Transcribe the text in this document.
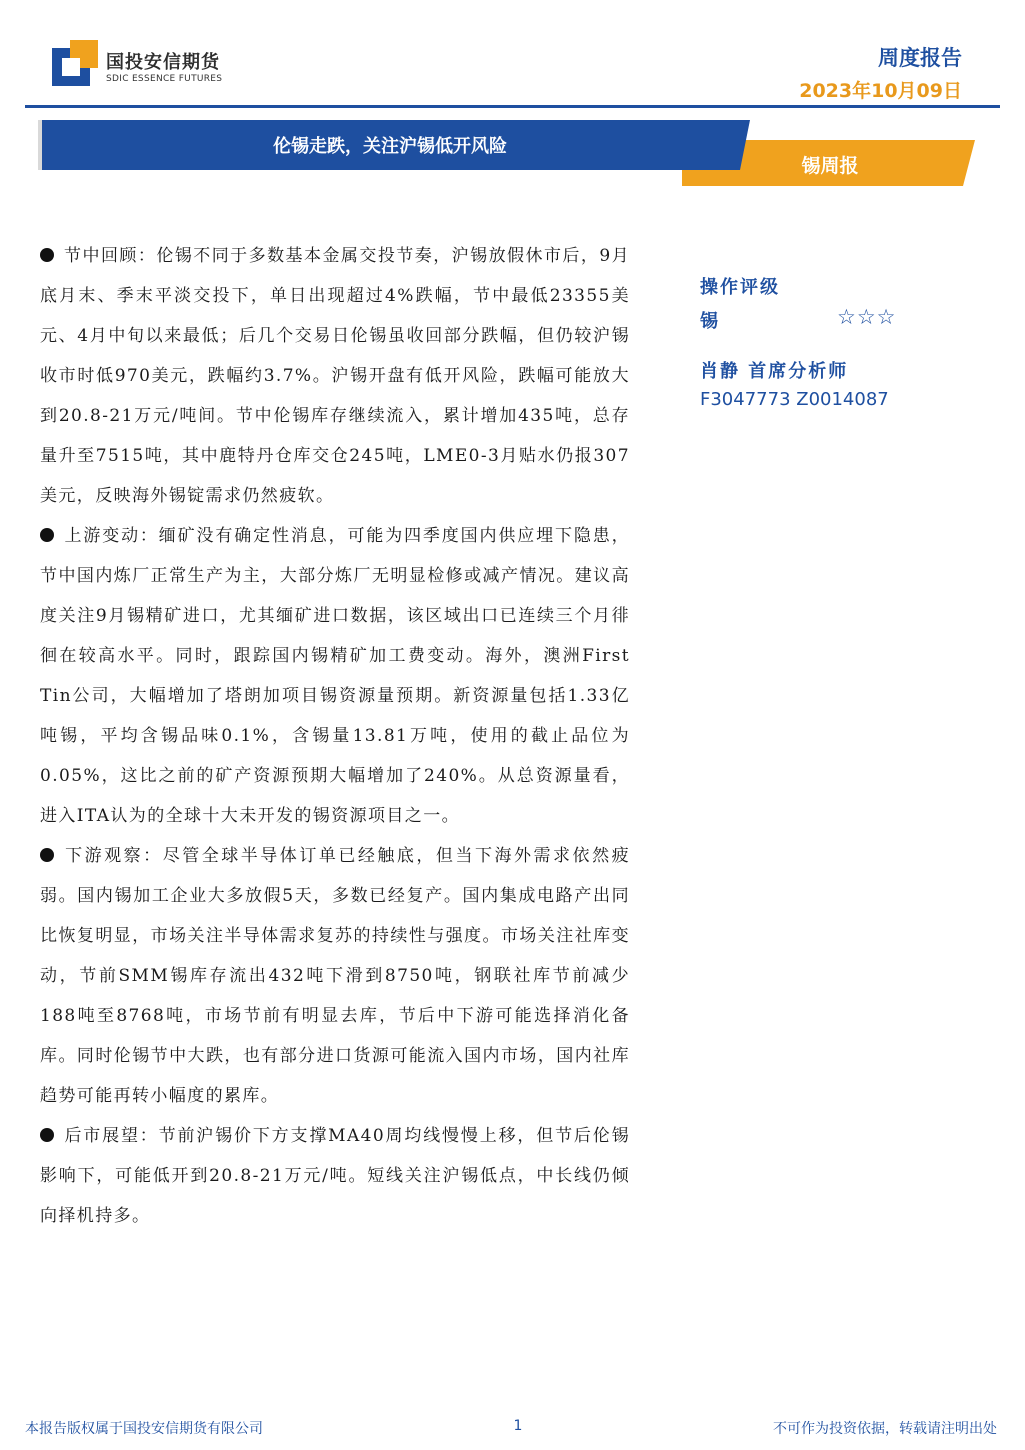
国投安信期货
SDIC ESSENCE FUTURES
周度报告
2023年10月09日
伦锡走跌，关注沪锡低开风险
锡周报

节中回顾：伦锡不同于多数基本金属交投节奏，沪锡放假休市后，9月底月末、季末平淡交投下，单日出现超过4%跌幅，节中最低23355美元、4月中旬以来最低；后几个交易日伦锡虽收回部分跌幅，但仍较沪锡收市时低970美元，跌幅约3.7%。沪锡开盘有低开风险，跌幅可能放大到20.8-21万元/吨间。节中伦锡库存继续流入，累计增加435吨，总存量升至7515吨，其中鹿特丹仓库交仓245吨，LME0-3月贴水仍报307美元，反映海外锡锭需求仍然疲软。

上游变动：缅矿没有确定性消息，可能为四季度国内供应埋下隐患，节中国内炼厂正常生产为主，大部分炼厂无明显检修或减产情况。建议高度关注9月锡精矿进口，尤其缅矿进口数据，该区域出口已连续三个月徘徊在较高水平。同时，跟踪国内锡精矿加工费变动。海外，澳洲First Tin公司，大幅增加了塔朗加项目锡资源量预期。新资源量包括1.33亿吨锡，平均含锡品味0.1%，含锡量13.81万吨，使用的截止品位为0.05%，这比之前的矿产资源预期大幅增加了240%。从总资源量看，进入ITA认为的全球十大未开发的锡资源项目之一。

下游观察：尽管全球半导体订单已经触底，但当下海外需求依然疲弱。国内锡加工企业大多放假5天，多数已经复产。国内集成电路产出同比恢复明显，市场关注半导体需求复苏的持续性与强度。市场关注社库变动，节前SMM锡库存流出432吨下滑到8750吨，钢联社库节前减少188吨至8768吨，市场节前有明显去库，节后中下游可能选择消化备库。同时伦锡节中大跌，也有部分进口货源可能流入国内市场，国内社库趋势可能再转小幅度的累库。

后市展望：节前沪锡价下方支撑MA40周均线慢慢上移，但节后伦锡影响下，可能低开到20.8-21万元/吨。短线关注沪锡低点，中长线仍倾向择机持多。

操作评级
锡	☆☆☆
肖静 首席分析师
F3047773 Z0014087
本报告版权属于国投安信期货有限公司	1	不可作为投资依据，转载请注明出处
